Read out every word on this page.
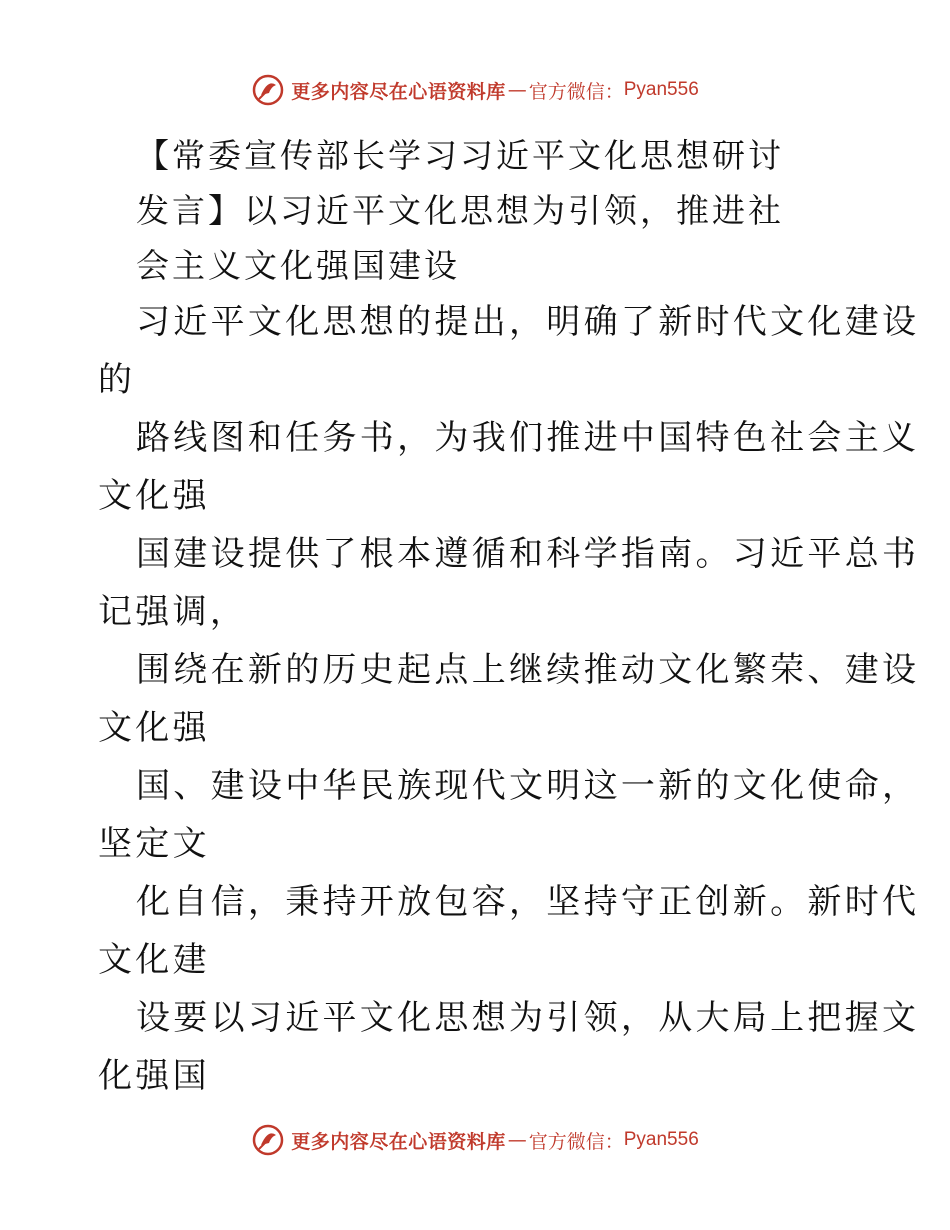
更多内容尽在心语资料库 — 官方微信： Pyan556
【常委宣传部长学习习近平文化思想研讨
发言】以习近平文化思想为引领，推进社
会主义文化强国建设
习近平文化思想的提出，明确了新时代文化建设
的
路线图和任务书，为我们推进中国特色社会主义
文化强
国建设提供了根本遵循和科学指南。习近平总书
记强调，
围绕在新的历史起点上继续推动文化繁荣、建设
文化强
国、建设中华民族现代文明这一新的文化使命，
坚定文
化自信，秉持开放包容，坚持守正创新。新时代
文化建
设要以习近平文化思想为引领，从大局上把握文
化强国
更多内容尽在心语资料库 — 官方微信： Pyan556
